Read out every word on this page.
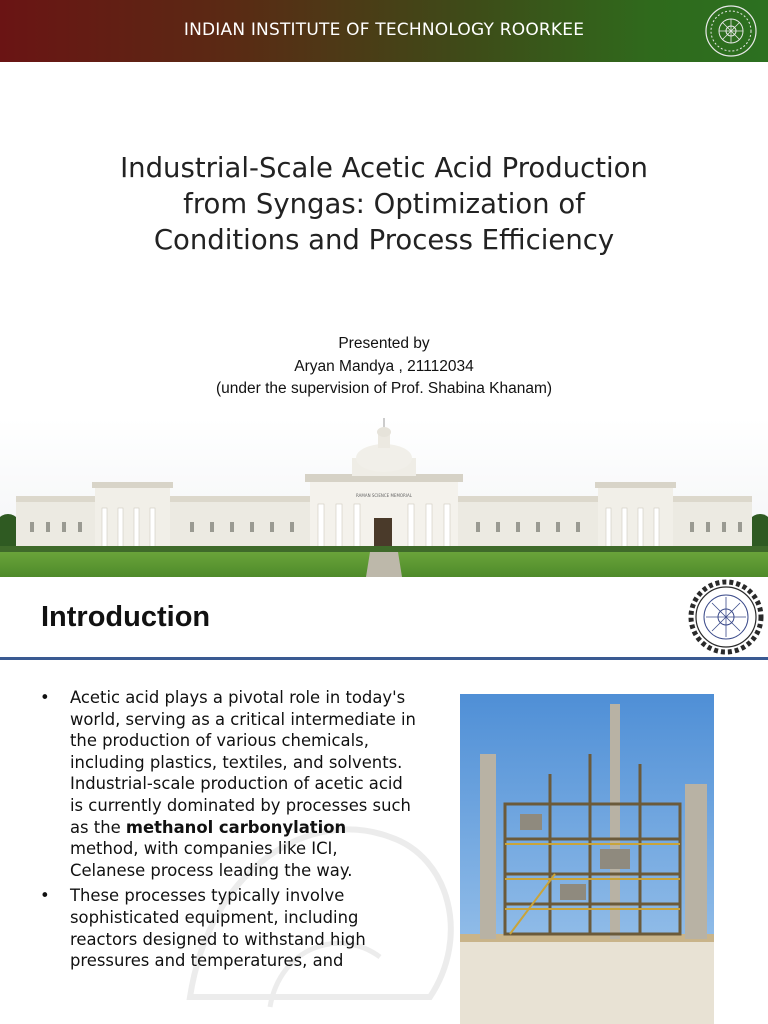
INDIAN INSTITUTE OF TECHNOLOGY ROORKEE
Industrial-Scale Acetic Acid Production
from Syngas: Optimization of
Conditions and Process Efficiency
Presented by
Aryan Mandya , 21112034
(under the supervision of Prof. Shabina Khanam)
RAMAN SCIENCE MEMORIAL
Introduction
• Acetic acid plays a pivotal role in today's world, serving as a critical intermediate in the production of various chemicals, including plastics, textiles, and solvents. Industrial-scale production of acetic acid is currently dominated by processes such as the methanol carbonylation method, with companies like ICI, Celanese process leading the way.
• These processes typically involve sophisticated equipment, including reactors designed to withstand high pressures and temperatures, and
